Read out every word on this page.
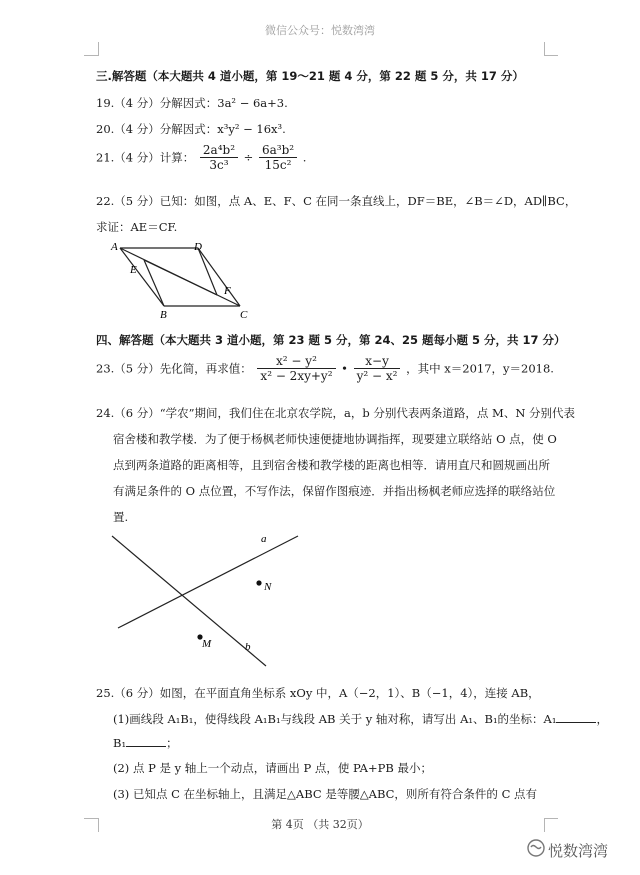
微信公众号：悦数湾湾
三.解答题（本大题共 4 道小题，第 19～21 题 4 分，第 22 题 5 分，共 17 分）
19.（4 分）分解因式：3a² − 6a+3.
20.（4 分）分解因式：x³y² − 16x³.
21.（4 分）计算： $\frac{\text{2a⁴b²}}{\text{3c³}} \div \frac{\text{6a³b²}}{\text{15c²}}$ .
22.（5 分）已知：如图，点 A、E、F、C 在同一条直线上，DF＝BE，∠B＝∠D，AD∥BC，
求证：AE＝CF.
A	D
E
F
B	C
四、解答题（本大题共 3 道小题，第 23 题 5 分，第 24、25 题每小题 5 分，共 17 分）
23.（5 分）先化简，再求值： $\frac{\text{x² − y²}}{\text{x² − 2xy+y²}}$ • $\frac{x-y}{\text{y² − x²}}$ ，其中 x＝2017，y＝2018.
24.（6 分）“学农”期间，我们住在北京农学院，a，b 分别代表两条道路，点 M、N 分别代表
宿舍楼和教学楼．为了便于杨枫老师快速便捷地协调指挥，现要建立联络站 O 点，使 O
点到两条道路的距离相等，且到宿舍楼和教学楼的距离也相等．请用直尺和圆规画出所
有满足条件的 O 点位置，不写作法，保留作图痕迹．并指出杨枫老师应选择的联络站位
置.
a
b
N
M
25.（6 分）如图，在平面直角坐标系 xOy 中，A（−2，1）、B（−1，4），连接 AB，
(1)画线段 A₁B₁，使得线段 A₁B₁与线段 AB 关于 y 轴对称，请写出 A₁、B₁的坐标：A₁	，
B₁	；
(2) 点 P 是 y 轴上一个动点，请画出 P 点，使 PA+PB 最小；
(3) 已知点 C 在坐标轴上，且满足△ABC 是等腰△ABC，则所有符合条件的 C 点有
第 4页 （共 32页）
悦数湾湾
